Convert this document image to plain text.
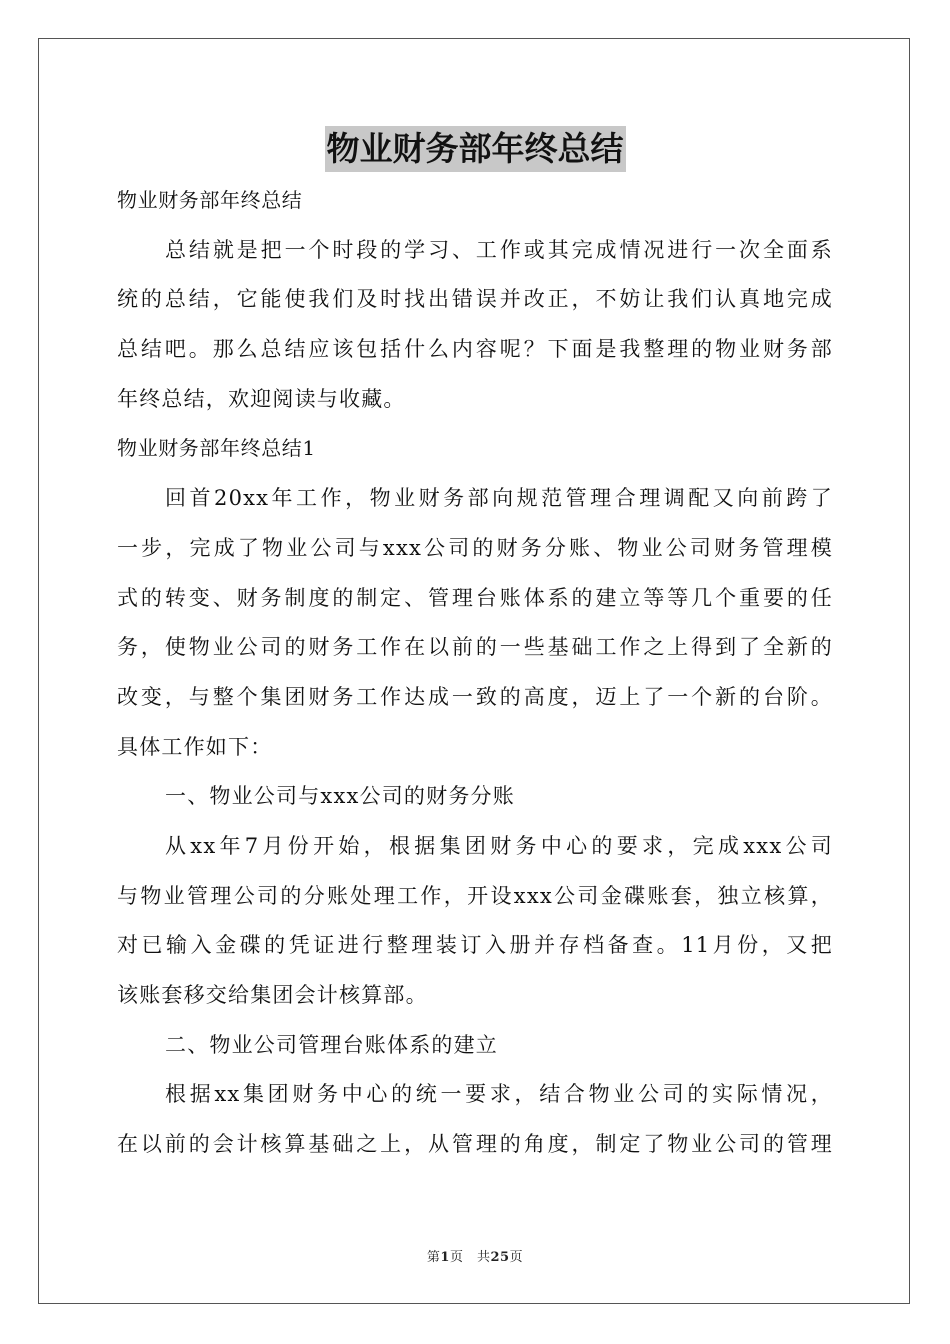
物业财务部年终总结
物业财务部年终总结
总结就是把一个时段的学习、工作或其完成情况进行一次全面系
统的总结，它能使我们及时找出错误并改正，不妨让我们认真地完成
总结吧。那么总结应该包括什么内容呢？下面是我整理的物业财务部
年终总结，欢迎阅读与收藏。
物业财务部年终总结1
回首20xx年工作，物业财务部向规范管理合理调配又向前跨了
一步，完成了物业公司与xxx公司的财务分账、物业公司财务管理模
式的转变、财务制度的制定、管理台账体系的建立等等几个重要的任
务，使物业公司的财务工作在以前的一些基础工作之上得到了全新的
改变，与整个集团财务工作达成一致的高度，迈上了一个新的台阶。
具体工作如下：
一、物业公司与xxx公司的财务分账
从xx年7月份开始，根据集团财务中心的要求，完成xxx公司
与物业管理公司的分账处理工作，开设xxx公司金碟账套，独立核算，
对已输入金碟的凭证进行整理装订入册并存档备查。11月份，又把
该账套移交给集团会计核算部。
二、物业公司管理台账体系的建立
根据xx集团财务中心的统一要求，结合物业公司的实际情况，
在以前的会计核算基础之上，从管理的角度，制定了物业公司的管理
第1页　共25页
